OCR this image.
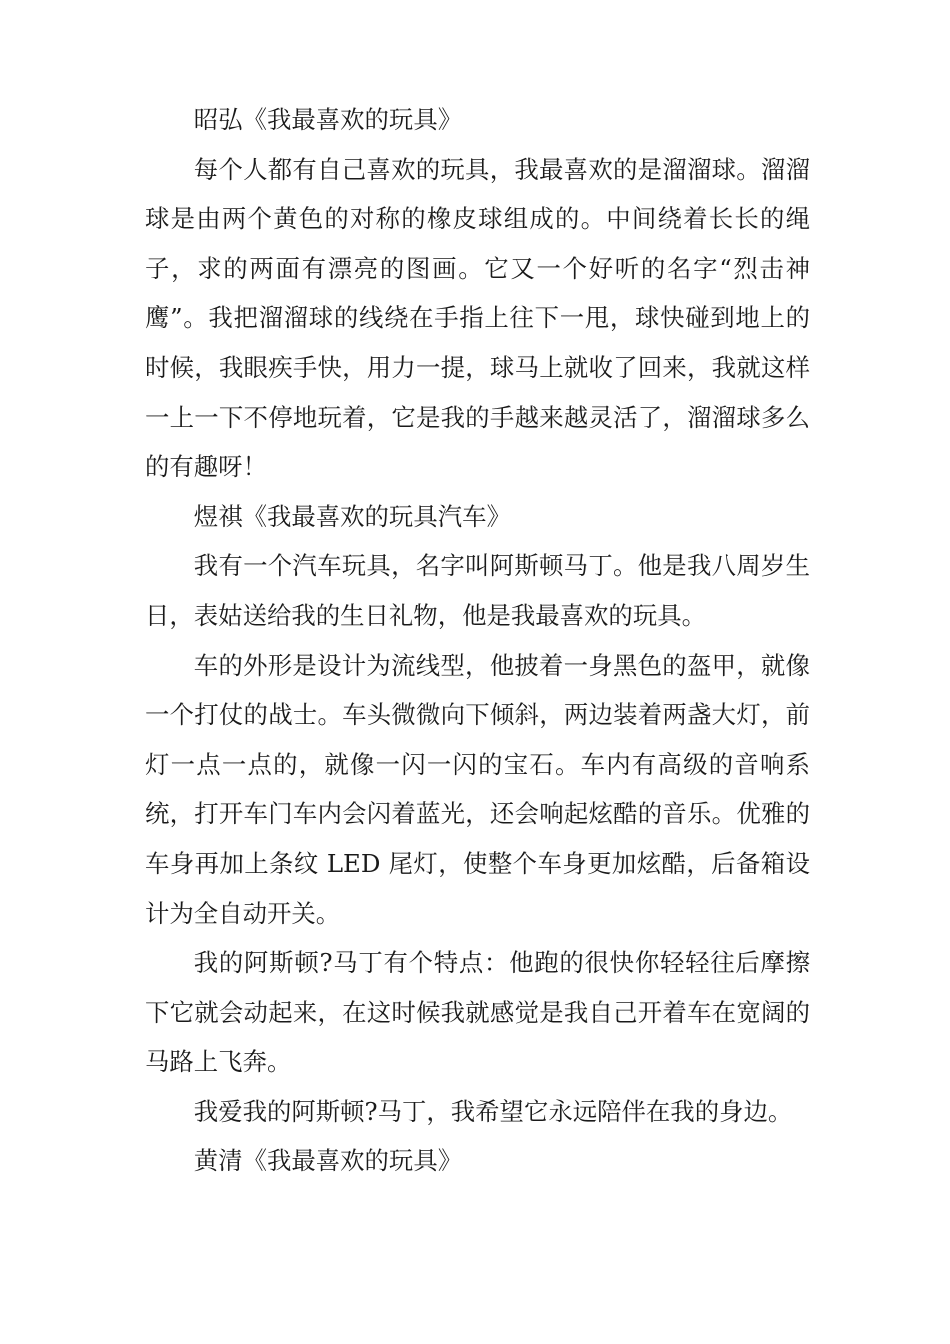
昭弘《我最喜欢的玩具》

每个人都有自己喜欢的玩具，我最喜欢的是溜溜球。溜溜球是由两个黄色的对称的橡皮球组成的。中间绕着长长的绳子，求的两面有漂亮的图画。它又一个好听的名字“烈击神鹰”。我把溜溜球的线绕在手指上往下一甩，球快碰到地上的时候，我眼疾手快，用力一提，球马上就收了回来，我就这样一上一下不停地玩着，它是我的手越来越灵活了，溜溜球多么的有趣呀！

煜祺《我最喜欢的玩具汽车》

我有一个汽车玩具，名字叫阿斯顿马丁。他是我八周岁生日，表姑送给我的生日礼物，他是我最喜欢的玩具。

车的外形是设计为流线型，他披着一身黑色的盔甲，就像一个打仗的战士。车头微微向下倾斜，两边装着两盏大灯，前灯一点一点的，就像一闪一闪的宝石。车内有高级的音响系统，打开车门车内会闪着蓝光，还会响起炫酷的音乐。优雅的车身再加上条纹 LED 尾灯，使整个车身更加炫酷，后备箱设计为全自动开关。

我的阿斯顿?马丁有个特点：他跑的很快你轻轻往后摩擦下它就会动起来，在这时候我就感觉是我自己开着车在宽阔的马路上飞奔。

我爱我的阿斯顿?马丁，我希望它永远陪伴在我的身边。

黄清《我最喜欢的玩具》
